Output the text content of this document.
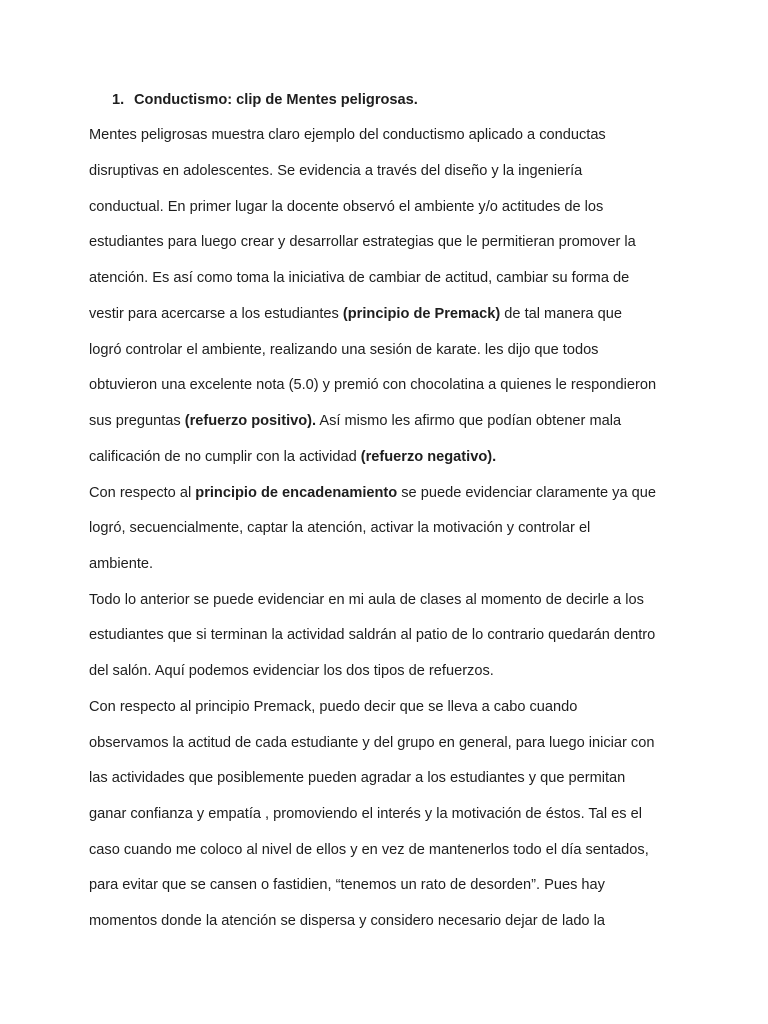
1. Conductismo: clip de Mentes peligrosas.
Mentes peligrosas muestra claro ejemplo del conductismo aplicado a conductas
disruptivas en adolescentes. Se evidencia a través del diseño y la ingeniería
conductual. En primer lugar la docente observó el ambiente y/o actitudes de los
estudiantes para luego crear y desarrollar estrategias que le permitieran promover la
atención. Es así como toma la iniciativa de cambiar de actitud, cambiar su forma de
vestir para acercarse a los estudiantes (principio de Premack) de tal manera que
logró controlar el ambiente, realizando una sesión de karate. les dijo que todos
obtuvieron una excelente nota (5.0) y premió con chocolatina a quienes le respondieron
sus preguntas (refuerzo positivo). Así mismo les afirmo que podían obtener mala
calificación de no cumplir con la actividad (refuerzo negativo).
Con respecto al principio de encadenamiento se puede evidenciar claramente ya que
logró, secuencialmente, captar la atención, activar la motivación y controlar el
ambiente.
Todo lo anterior se puede evidenciar en mi aula de clases al momento de decirle a los
estudiantes que si terminan la actividad saldrán al patio de lo contrario quedarán dentro
del salón. Aquí podemos evidenciar los dos tipos de refuerzos.
Con respecto al principio Premack, puedo decir que se lleva a cabo cuando
observamos la actitud de cada estudiante y del grupo en general, para luego iniciar con
las actividades que posiblemente pueden agradar a los estudiantes y que permitan
ganar confianza y empatía , promoviendo el interés y la motivación de éstos. Tal es el
caso cuando me coloco al nivel de ellos y en vez de mantenerlos todo el día sentados,
para evitar que se cansen o fastidien, “tenemos un rato de desorden”. Pues hay
momentos donde la atención se dispersa y considero necesario dejar de lado la
